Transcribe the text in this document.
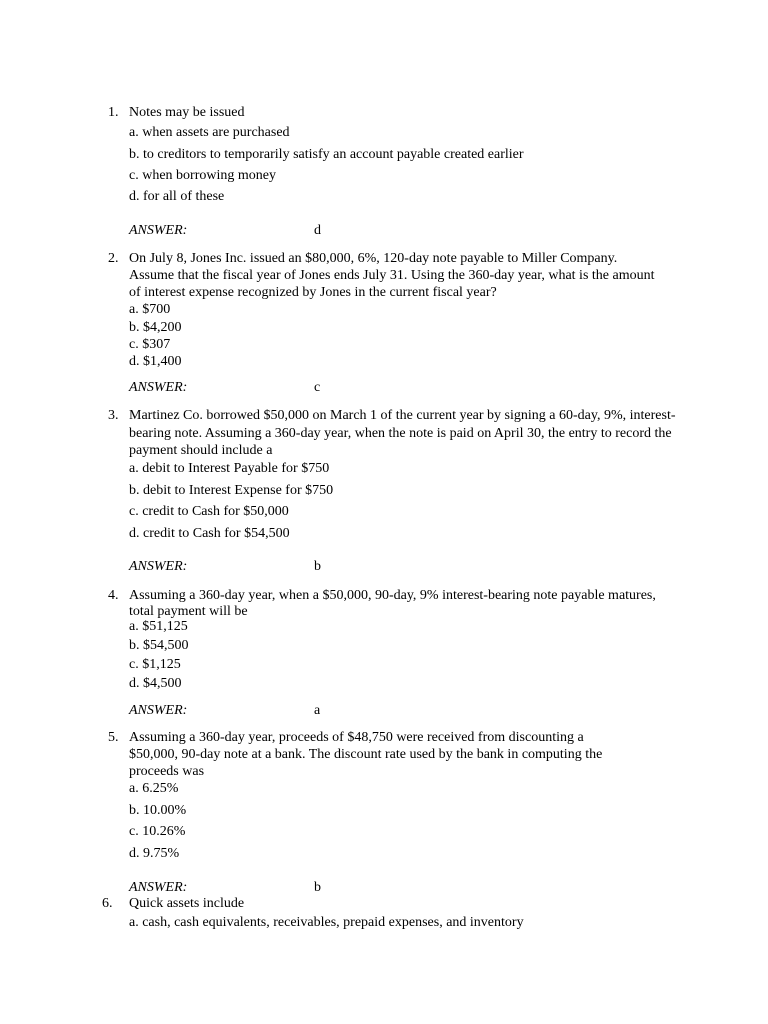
1. Notes may be issued
a. when assets are purchased
b. to creditors to temporarily satisfy an account payable created earlier
c. when borrowing money
d. for all of these
ANSWER:	d
2. On July 8, Jones Inc. issued an $80,000, 6%, 120-day note payable to Miller Company.
Assume that the fiscal year of Jones ends July 31. Using the 360-day year, what is the amount
of interest expense recognized by Jones in the current fiscal year?
a. $700
b. $4,200
c. $307
d. $1,400
ANSWER:	c
3. Martinez Co. borrowed $50,000 on March 1 of the current year by signing a 60-day, 9%, interest-
bearing note. Assuming a 360-day year, when the note is paid on April 30, the entry to record the
payment should include a
a. debit to Interest Payable for $750
b. debit to Interest Expense for $750
c. credit to Cash for $50,000
d. credit to Cash for $54,500
ANSWER:	b
4. Assuming a 360-day year, when a $50,000, 90-day, 9% interest-bearing note payable matures,
total payment will be
a. $51,125
b. $54,500
c. $1,125
d. $4,500
ANSWER:	a
5. Assuming a 360-day year, proceeds of $48,750 were received from discounting a
$50,000, 90-day note at a bank. The discount rate used by the bank in computing the
proceeds was
a. 6.25%
b. 10.00%
c. 10.26%
d. 9.75%
ANSWER:	b
6. Quick assets include
a. cash, cash equivalents, receivables, prepaid expenses, and inventory
